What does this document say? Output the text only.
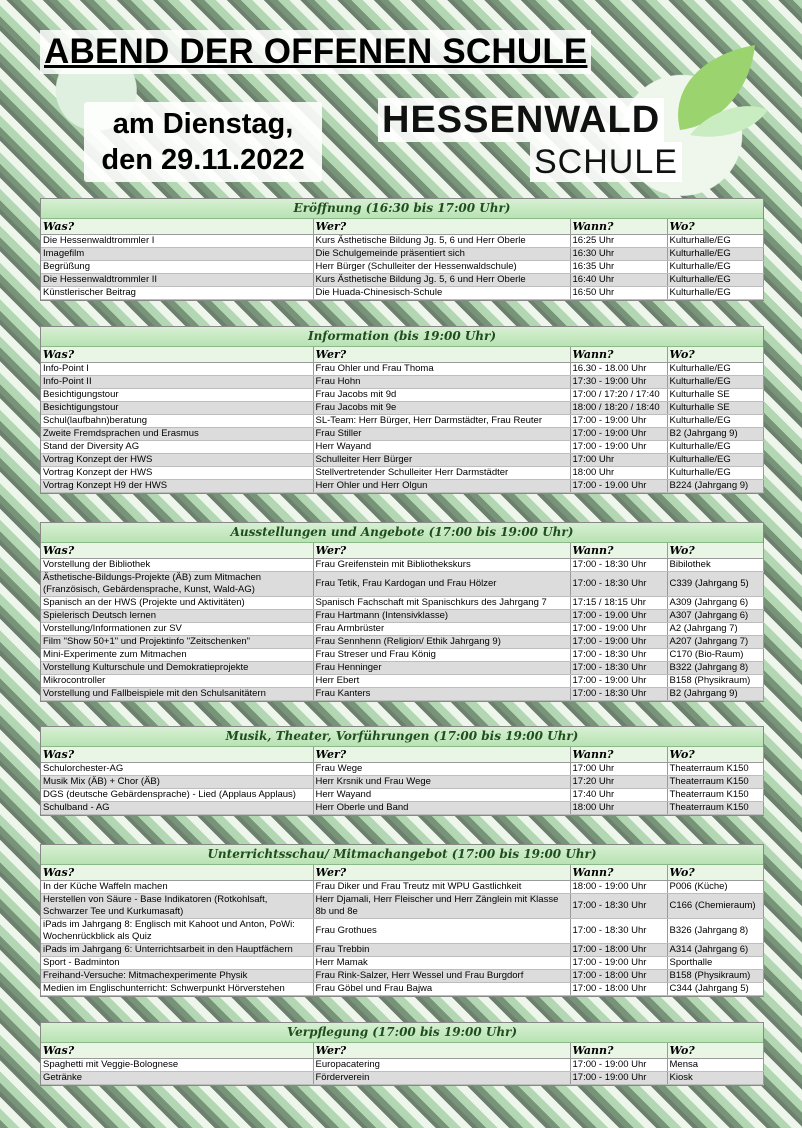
ABEND DER OFFENEN SCHULE
am Dienstag,
den 29.11.2022
HESSENWALD
SCHULE
Eröffnung (16:30 bis 17:00 Uhr)
Was?	Wer?	Wann?	Wo?
Die Hessenwaldtrommler I	Kurs Ästhetische Bildung Jg. 5, 6 und Herr Oberle	16:25 Uhr	Kulturhalle/EG
Imagefilm	Die Schulgemeinde präsentiert sich	16:30 Uhr	Kulturhalle/EG
Begrüßung	Herr Bürger (Schulleiter der Hessenwaldschule)	16:35 Uhr	Kulturhalle/EG
Die Hessenwaldtrommler II	Kurs Ästhetische Bildung Jg. 5, 6 und Herr Oberle	16:40 Uhr	Kulturhalle/EG
Künstlerischer Beitrag	Die Huada-Chinesisch-Schule	16:50 Uhr	Kulturhalle/EG
Information (bis 19:00 Uhr)
Was?	Wer?	Wann?	Wo?
Info-Point I	Frau Ohler und Frau Thoma	16.30 - 18.00 Uhr	Kulturhalle/EG
Info-Point II	Frau Hohn	17:30 - 19:00 Uhr	Kulturhalle/EG
Besichtigungstour	Frau Jacobs mit 9d	17:00 / 17:20 / 17:40	Kulturhalle SE
Besichtigungstour	Frau Jacobs mit 9e	18:00 / 18:20 / 18:40	Kulturhalle SE
Schul(laufbahn)beratung	SL-Team: Herr Bürger, Herr Darmstädter, Frau Reuter	17:00 - 19:00 Uhr	Kulturhalle/EG
Zweite Fremdsprachen und Erasmus	Frau Stiller	17:00 - 19:00 Uhr	B2 (Jahrgang 9)
Stand der Diversity AG	Herr Wayand	17:00 - 19:00 Uhr	Kulturhalle/EG
Vortrag Konzept der HWS	Schulleiter Herr Bürger	17:00 Uhr	Kulturhalle/EG
Vortrag Konzept der HWS	Stellvertretender Schulleiter Herr Darmstädter	18:00 Uhr	Kulturhalle/EG
Vortrag Konzept H9 der HWS	Herr Ohler und Herr Olgun	17:00 - 19.00 Uhr	B224 (Jahrgang 9)
Ausstellungen und Angebote (17:00 bis 19:00 Uhr)
Was?	Wer?	Wann?	Wo?
Vorstellung der Bibliothek	Frau Greifenstein mit Bibliothekskurs	17:00 - 18:30 Uhr	Bibilothek
Ästhetische-Bildungs-Projekte (ÄB) zum Mitmachen (Französisch, Gebärdensprache, Kunst, Wald-AG)	Frau Tetik, Frau Kardogan und Frau Hölzer	17:00 - 18:30 Uhr	C339 (Jahrgang 5)
Spanisch an der HWS (Projekte und Aktivitäten)	Spanisch Fachschaft mit Spanischkurs des Jahrgang 7	17:15 / 18:15 Uhr	A309 (Jahrgang 6)
Spielerisch Deutsch lernen	Frau Hartmann (Intensivklasse)	17:00 - 19.00 Uhr	A307 (Jahrgang 6)
Vorstellung/Informationen zur SV	Frau Armbrüster	17:00 - 19:00 Uhr	A2 (Jahrgang 7)
Film "Show 50+1" und Projektinfo "Zeitschenken"	Frau Sennhenn (Religion/ Ethik Jahrgang 9)	17:00 - 19:00 Uhr	A207 (Jahrgang 7)
Mini-Experimente zum Mitmachen	Frau Streser und Frau König	17:00 - 18:30 Uhr	C170 (Bio-Raum)
Vorstellung Kulturschule und Demokratieprojekte	Frau Henninger	17:00 - 18:30 Uhr	B322 (Jahrgang 8)
Mikrocontroller	Herr Ebert	17:00 - 19:00 Uhr	B158 (Physikraum)
Vorstellung und Fallbeispiele mit den Schulsanitätern	Frau Kanters	17:00 - 18:30 Uhr	B2 (Jahrgang 9)
Musik, Theater, Vorführungen (17:00 bis 19:00 Uhr)
Was?	Wer?	Wann?	Wo?
Schulorchester-AG	Frau Wege	17:00 Uhr	Theaterraum K150
Musik Mix (ÄB) + Chor (ÄB)	Herr Krsnik und Frau Wege	17:20 Uhr	Theaterraum K150
DGS (deutsche Gebärdensprache) - Lied (Applaus Applaus)	Herr Wayand	17:40 Uhr	Theaterraum K150
Schulband - AG	Herr Oberle und Band	18:00 Uhr	Theaterraum K150
Unterrichtsschau/ Mitmachangebot (17:00 bis 19:00 Uhr)
Was?	Wer?	Wann?	Wo?
In der Küche Waffeln machen	Frau Diker und Frau Treutz mit WPU Gastlichkeit	18:00 - 19:00 Uhr	P006 (Küche)
Herstellen von Säure - Base Indikatoren (Rotkohlsaft, Schwarzer Tee und Kurkumasaft)	Herr Djamali, Herr Fleischer und Herr Zänglein mit Klasse 8b und 8e	17:00 - 18:30 Uhr	C166 (Chemieraum)
iPads im Jahrgang 8: Englisch mit Kahoot und Anton, PoWi: Wochenrückblick als Quiz	Frau Grothues	17:00 - 18:30 Uhr	B326 (Jahrgang 8)
iPads im Jahrgang 6: Unterrichtsarbeit in den Hauptfächern	Frau Trebbin	17:00 - 18:00 Uhr	A314 (Jahrgang 6)
Sport - Badminton	Herr Mamak	17:00 - 19:00 Uhr	Sporthalle
Freihand-Versuche: Mitmachexperimente Physik	Frau Rink-Salzer, Herr Wessel und Frau Burgdorf	17:00 - 18:00 Uhr	B158 (Physikraum)
Medien im Englischunterricht: Schwerpunkt Hörverstehen	Frau Göbel und Frau Bajwa	17:00 - 18:00 Uhr	C344 (Jahrgang 5)
Verpflegung (17:00 bis 19:00 Uhr)
Was?	Wer?	Wann?	Wo?
Spaghetti mit Veggie-Bolognese	Europacatering	17:00 - 19:00 Uhr	Mensa
Getränke	Förderverein	17:00 - 19:00 Uhr	Kiosk
